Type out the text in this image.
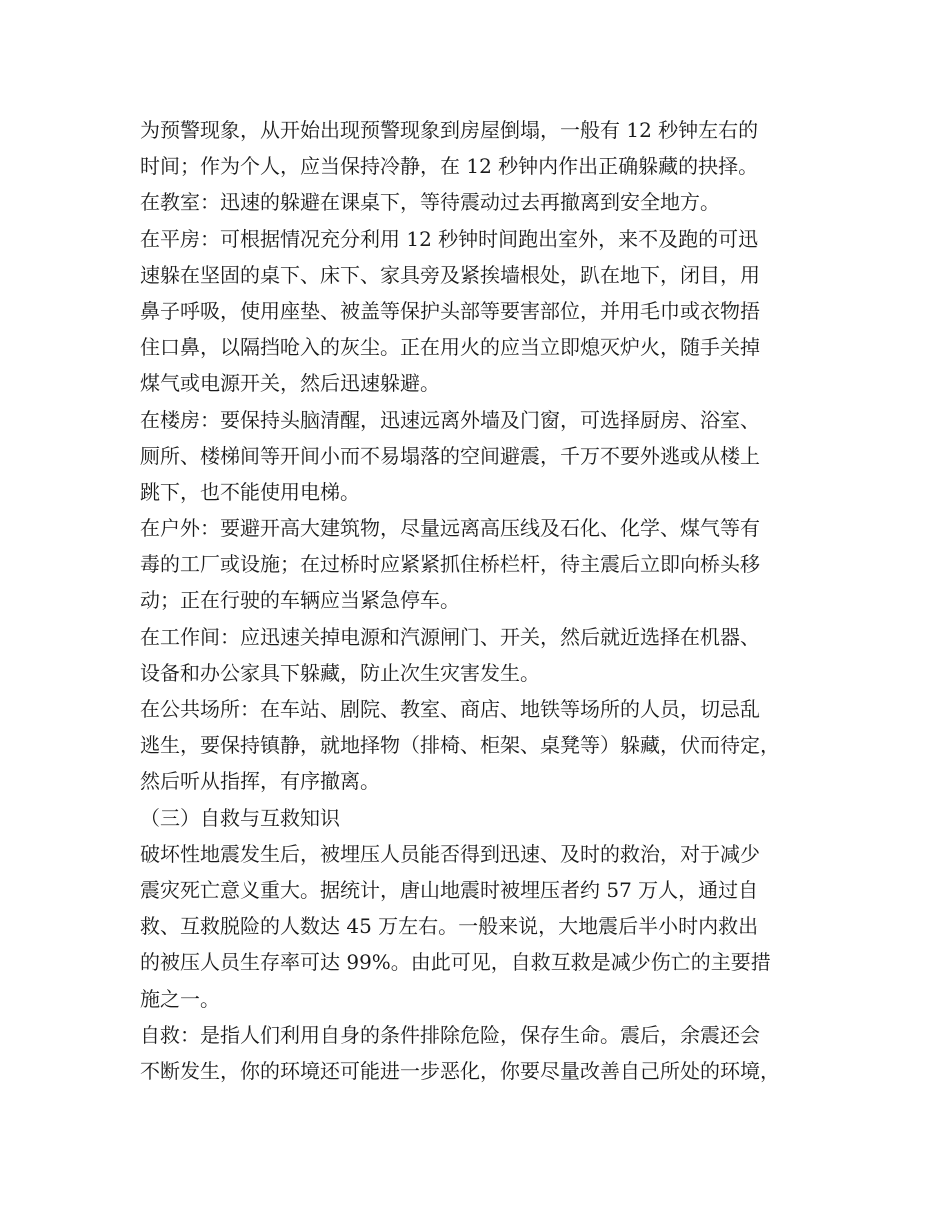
为预警现象，从开始出现预警现象到房屋倒塌，一般有 12 秒钟左右的
时间；作为个人，应当保持冷静，在 12 秒钟内作出正确躲藏的抉择。
在教室：迅速的躲避在课桌下，等待震动过去再撤离到安全地方。
在平房：可根据情况充分利用 12 秒钟时间跑出室外，来不及跑的可迅
速躲在坚固的桌下、床下、家具旁及紧挨墙根处，趴在地下，闭目，用
鼻子呼吸，使用座垫、被盖等保护头部等要害部位，并用毛巾或衣物捂
住口鼻，以隔挡呛入的灰尘。正在用火的应当立即熄灭炉火，随手关掉
煤气或电源开关，然后迅速躲避。
在楼房：要保持头脑清醒，迅速远离外墙及门窗，可选择厨房、浴室、
厕所、楼梯间等开间小而不易塌落的空间避震，千万不要外逃或从楼上
跳下，也不能使用电梯。
在户外：要避开高大建筑物，尽量远离高压线及石化、化学、煤气等有
毒的工厂或设施；在过桥时应紧紧抓住桥栏杆，待主震后立即向桥头移
动；正在行驶的车辆应当紧急停车。
在工作间：应迅速关掉电源和汽源闸门、开关，然后就近选择在机器、
设备和办公家具下躲藏，防止次生灾害发生。
在公共场所：在车站、剧院、教室、商店、地铁等场所的人员，切忌乱
逃生，要保持镇静，就地择物（排椅、柜架、桌凳等）躲藏，伏而待定，
然后听从指挥，有序撤离。
（三）自救与互救知识
破坏性地震发生后，被埋压人员能否得到迅速、及时的救治，对于减少
震灾死亡意义重大。据统计，唐山地震时被埋压者约 57 万人，通过自
救、互救脱险的人数达 45 万左右。一般来说，大地震后半小时内救出
的被压人员生存率可达 99%。由此可见，自救互救是减少伤亡的主要措
施之一。
自救：是指人们利用自身的条件排除危险，保存生命。震后，余震还会
不断发生，你的环境还可能进一步恶化，你要尽量改善自己所处的环境，
